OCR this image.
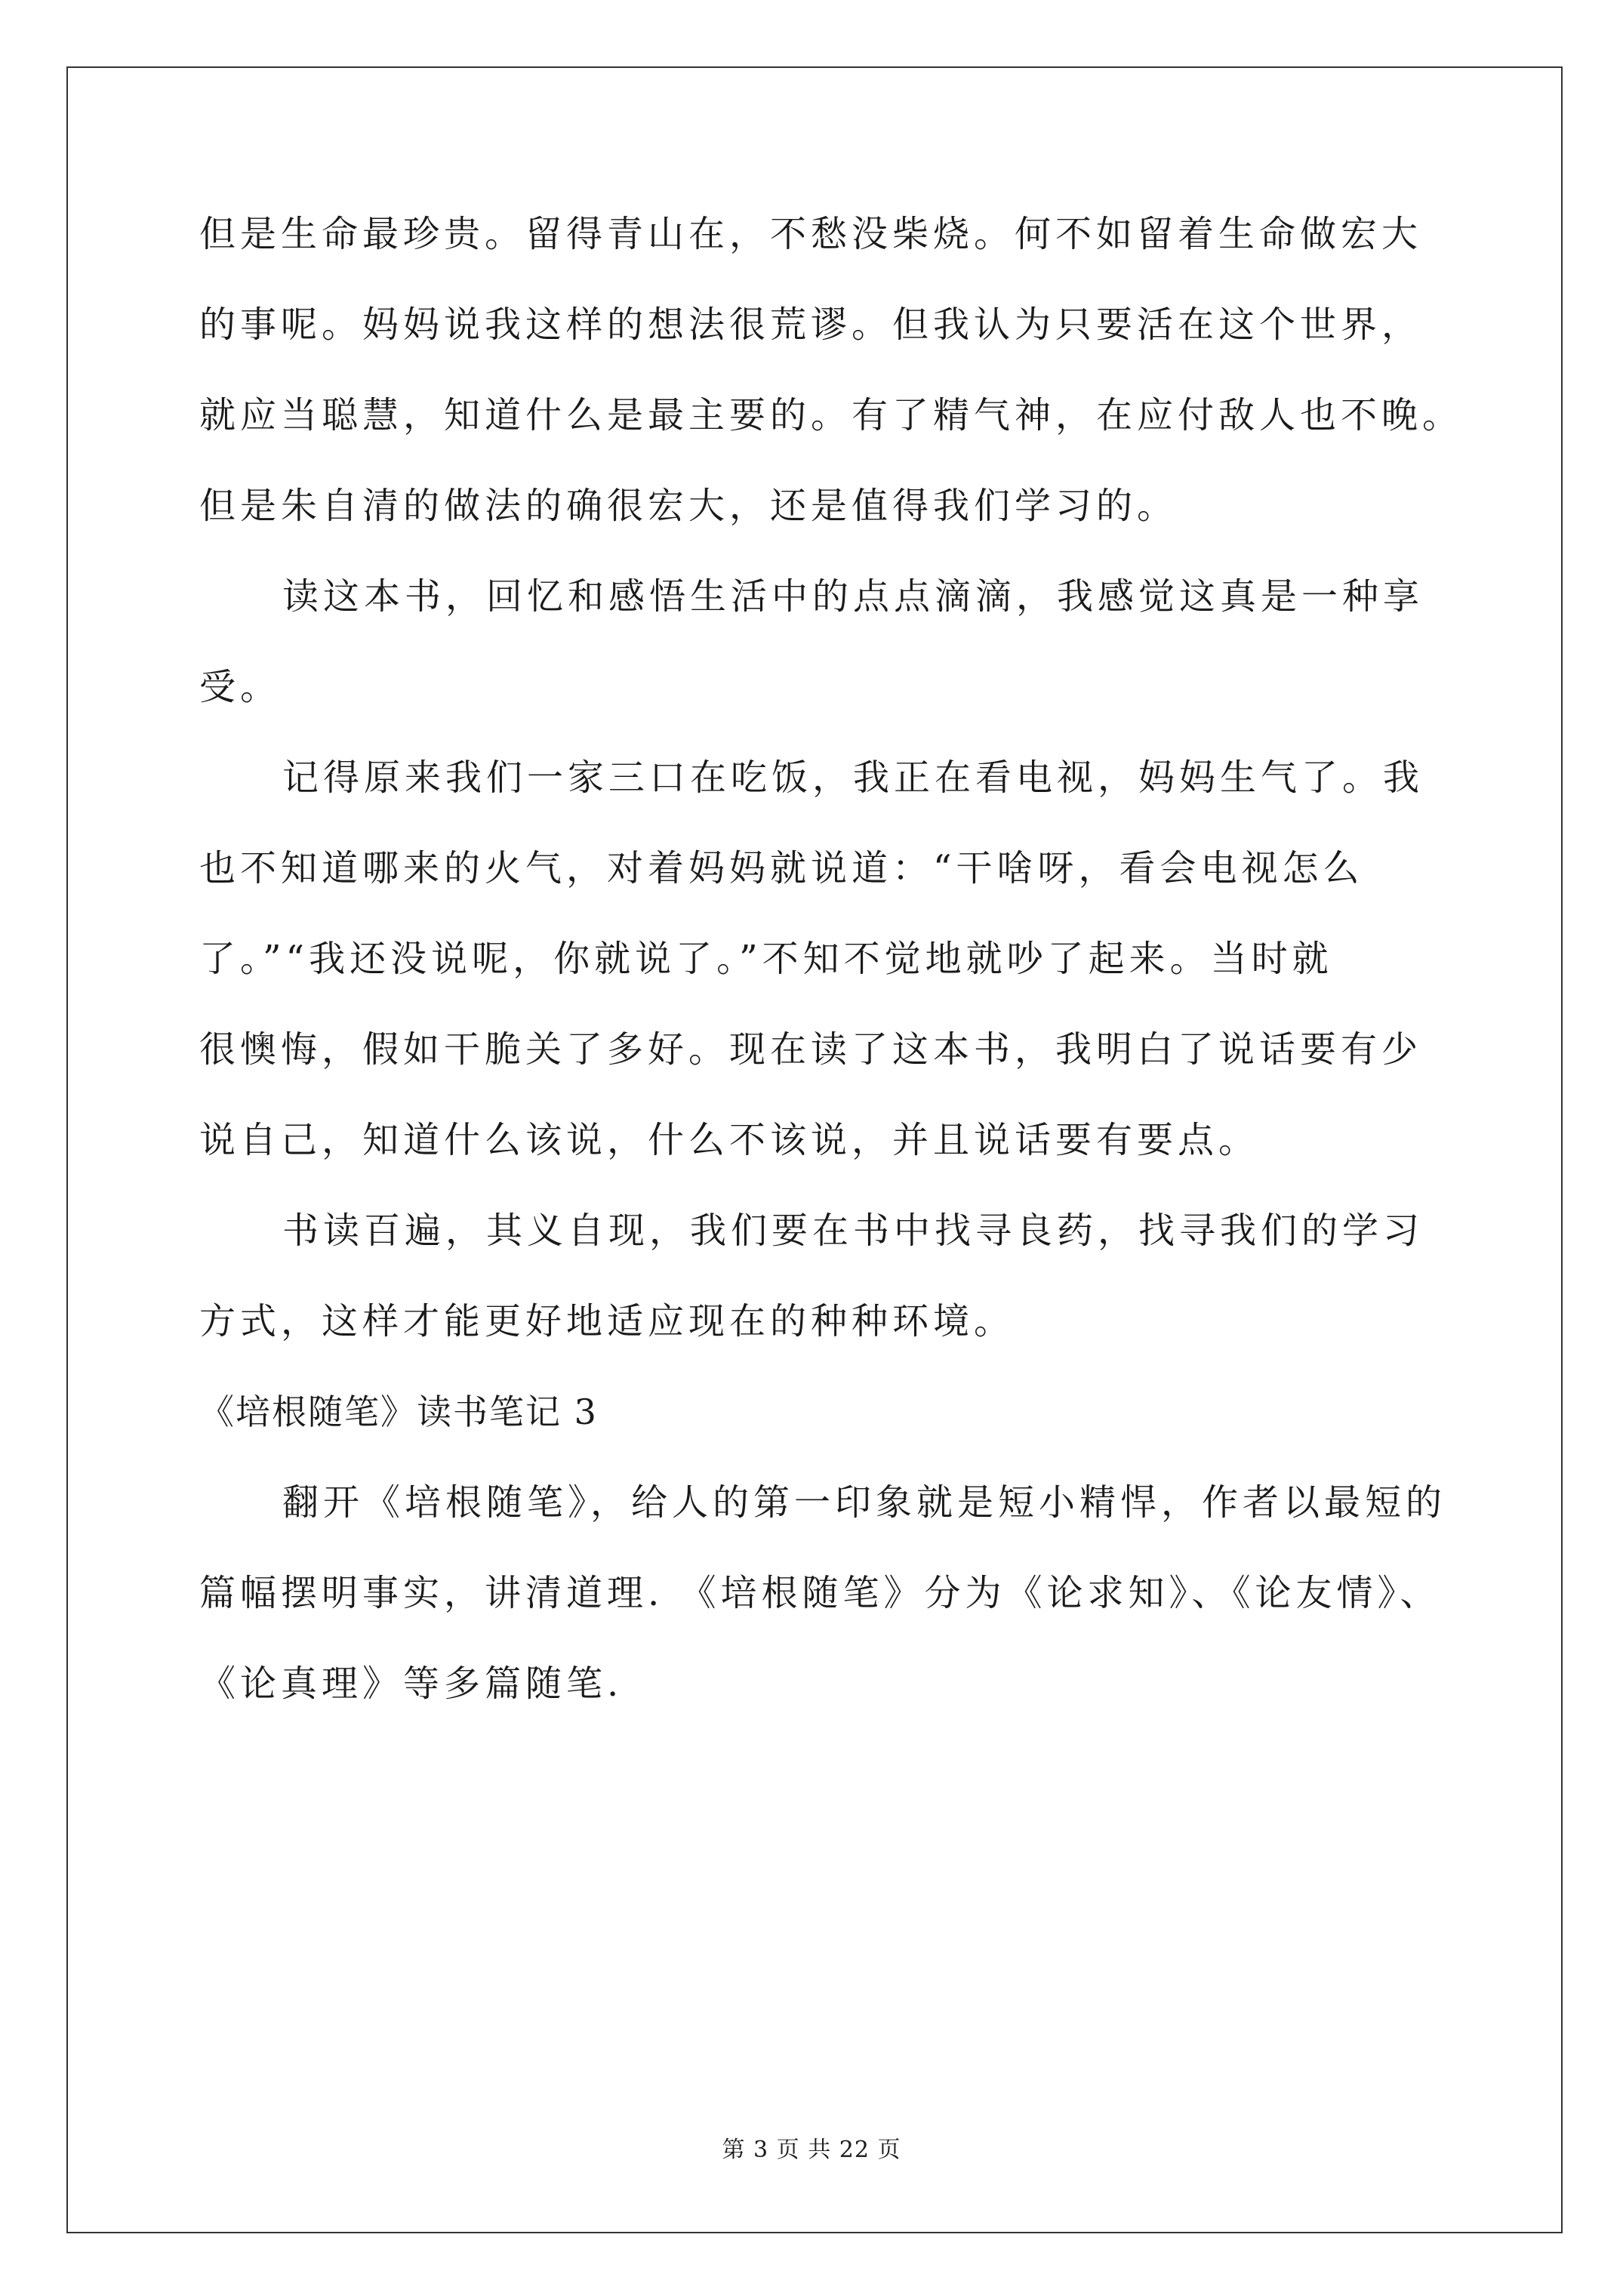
但是生命最珍贵。留得青山在，不愁没柴烧。何不如留着生命做宏大

的事呢。妈妈说我这样的想法很荒谬。但我认为只要活在这个世界，

就应当聪慧，知道什么是最主要的。有了精气神，在应付敌人也不晚。

但是朱自清的做法的确很宏大，还是值得我们学习的。

读这本书，回忆和感悟生活中的点点滴滴，我感觉这真是一种享

受。

记得原来我们一家三口在吃饭，我正在看电视，妈妈生气了。我

也不知道哪来的火气，对着妈妈就说道：“干啥呀，看会电视怎么

了。”“我还没说呢，你就说了。”不知不觉地就吵了起来。当时就

很懊悔，假如干脆关了多好。现在读了这本书，我明白了说话要有少

说自己，知道什么该说，什么不该说，并且说话要有要点。

书读百遍，其义自现，我们要在书中找寻良药，找寻我们的学习

方式，这样才能更好地适应现在的种种环境。

《培根随笔》读书笔记 3

翻开《培根随笔》，给人的第一印象就是短小精悍，作者以最短的

篇幅摆明事实，讲清道理. 《培根随笔》分为《论求知》、《论友情》、

《论真理》等多篇随笔.

第 3 页 共 22 页
